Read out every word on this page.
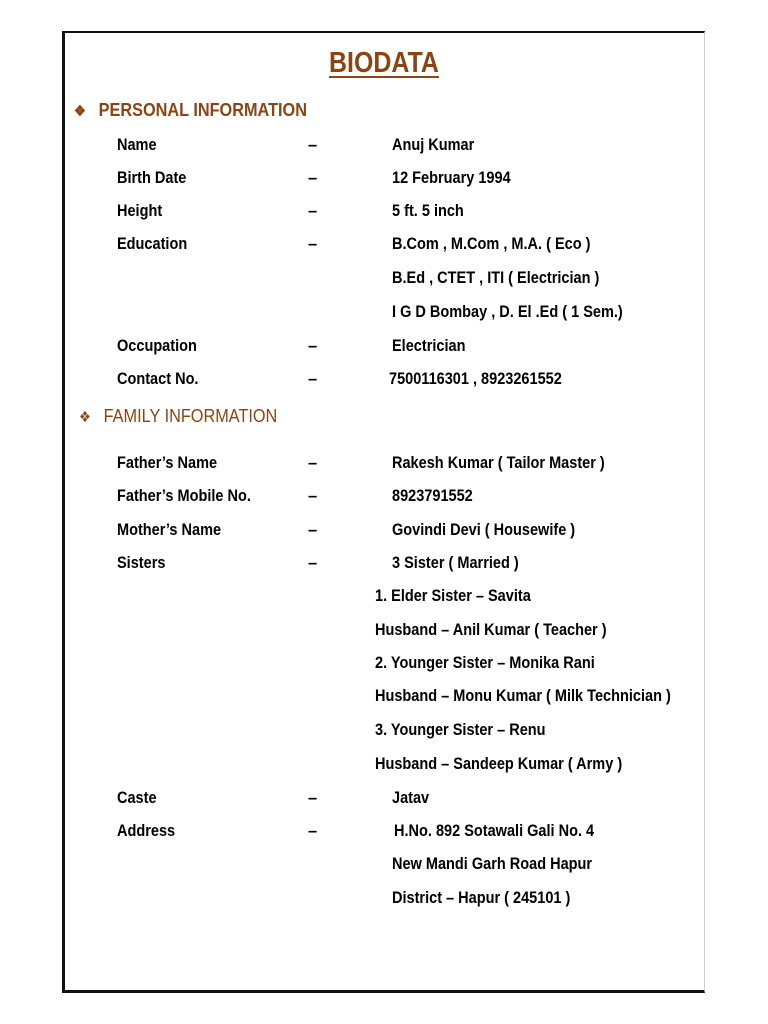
BIODATA
❖ PERSONAL INFORMATION
❖ FAMILY INFORMATION
Name	–	Anuj Kumar
Birth Date	–	12 February 1994
Height	–	5 ft. 5 inch
Education	–	B.Com , M.Com , M.A. ( Eco )
B.Ed , CTET , ITI ( Electrician )
I G D Bombay , D. El .Ed ( 1 Sem.)
Occupation	–	Electrician
Contact No.	–	7500116301 , 8923261552
Father’s Name	–	Rakesh Kumar ( Tailor Master )
Father’s Mobile No.	–	8923791552
Mother’s Name	–	Govindi Devi ( Housewife )
Sisters	–	3 Sister ( Married )
1. Elder Sister – Savita
Husband – Anil Kumar ( Teacher )
2. Younger Sister – Monika Rani
Husband – Monu Kumar ( Milk Technician )
3. Younger Sister – Renu
Husband – Sandeep Kumar ( Army )
Caste	–	Jatav
Address	–	H.No. 892 Sotawali Gali No. 4
New Mandi Garh Road Hapur
District – Hapur ( 245101 )
